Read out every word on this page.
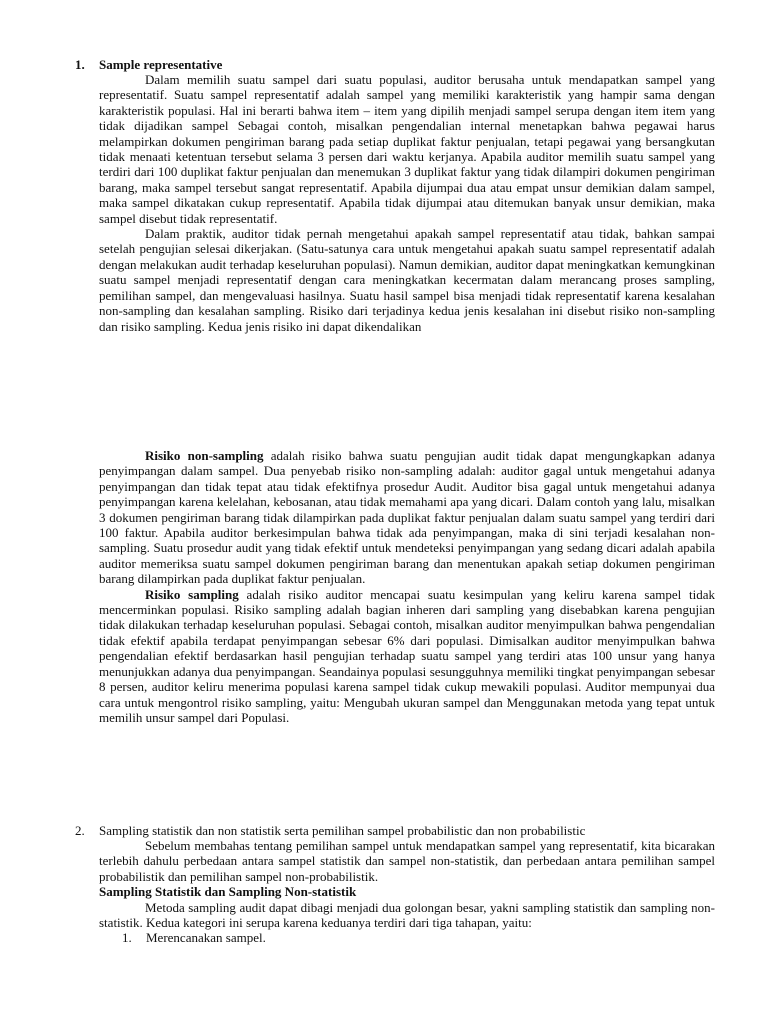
1. Sample representative

Dalam memilih suatu sampel dari suatu populasi, auditor berusaha untuk mendapatkan sampel yang representatif. Suatu sampel representatif adalah sampel yang memiliki karakteristik yang hampir sama dengan karakteristik populasi. Hal ini berarti bahwa item – item yang dipilih menjadi sampel serupa dengan item item yang tidak dijadikan sampel Sebagai contoh, misalkan pengendalian internal menetapkan bahwa pegawai harus melampirkan dokumen pengiriman barang pada setiap duplikat faktur penjualan, tetapi pegawai yang bersangkutan tidak menaati ketentuan tersebut selama 3 persen dari waktu kerjanya. Apabila auditor memilih suatu sampel yang terdiri dari 100 duplikat faktur penjualan dan menemukan 3 duplikat faktur yang tidak dilampiri dokumen pengiriman barang, maka sampel tersebut sangat representatif. Apabila dijumpai dua atau empat unsur demikian dalam sampel, maka sampel dikatakan cukup representatif. Apabila tidak dijumpai atau ditemukan banyak unsur demikian, maka sampel disebut tidak representatif.

Dalam praktik, auditor tidak pernah mengetahui apakah sampel representatif atau tidak, bahkan sampai setelah pengujian selesai dikerjakan. (Satu-satunya cara untuk mengetahui apakah suatu sampel representatif adalah dengan melakukan audit terhadap keseluruhan populasi). Namun demikian, auditor dapat meningkatkan kemungkinan suatu sampel menjadi representatif dengan cara meningkatkan kecermatan dalam merancang proses sampling, pemilihan sampel, dan mengevaluasi hasilnya. Suatu hasil sampel bisa menjadi tidak representatif karena kesalahan non-sampling dan kesalahan sampling. Risiko dari terjadinya kedua jenis kesalahan ini disebut risiko non-sampling dan risiko sampling. Kedua jenis risiko ini dapat dikendalikan

Risiko non-sampling adalah risiko bahwa suatu pengujian audit tidak dapat mengungkapkan adanya penyimpangan dalam sampel. Dua penyebab risiko non-sampling adalah: auditor gagal untuk mengetahui adanya penyimpangan dan tidak tepat atau tidak efektifnya prosedur Audit. Auditor bisa gagal untuk mengetahui adanya penyimpangan karena kelelahan, kebosanan, atau tidak memahami apa yang dicari. Dalam contoh yang lalu, misalkan 3 dokumen pengiriman barang tidak dilampirkan pada duplikat faktur penjualan dalam suatu sampel yang terdiri dari 100 faktur. Apabila auditor berkesimpulan bahwa tidak ada penyimpangan, maka di sini terjadi kesalahan non-sampling. Suatu prosedur audit yang tidak efektif untuk mendeteksi penyimpangan yang sedang dicari adalah apabila auditor memeriksa suatu sampel dokumen pengiriman barang dan menentukan apakah setiap dokumen pengiriman barang dilampirkan pada duplikat faktur penjualan.

Risiko sampling adalah risiko auditor mencapai suatu kesimpulan yang keliru karena sampel tidak mencerminkan populasi. Risiko sampling adalah bagian inheren dari sampling yang disebabkan karena pengujian tidak dilakukan terhadap keseluruhan populasi. Sebagai contoh, misalkan auditor menyimpulkan bahwa pengendalian tidak efektif apabila terdapat penyimpangan sebesar 6% dari populasi. Dimisalkan auditor menyimpulkan bahwa pengendalian efektif berdasarkan hasil pengujian terhadap suatu sampel yang terdiri atas 100 unsur yang hanya menunjukkan adanya dua penyimpangan. Seandainya populasi sesungguhnya memiliki tingkat penyimpangan sebesar 8 persen, auditor keliru menerima populasi karena sampel tidak cukup mewakili populasi. Auditor mempunyai dua cara untuk mengontrol risiko sampling, yaitu: Mengubah ukuran sampel dan Menggunakan metoda yang tepat untuk memilih unsur sampel dari Populasi.

2. Sampling statistik dan non statistik serta pemilihan sampel probabilistic dan non probabilistic

Sebelum membahas tentang pemilihan sampel untuk mendapatkan sampel yang representatif, kita bicarakan terlebih dahulu perbedaan antara sampel statistik dan sampel non-statistik, dan perbedaan antara pemilihan sampel probabilistik dan pemilihan sampel non-probabilistik.

Sampling Statistik dan Sampling Non-statistik

Metoda sampling audit dapat dibagi menjadi dua golongan besar, yakni sampling statistik dan sampling non-statistik. Kedua kategori ini serupa karena keduanya terdiri dari tiga tahapan, yaitu:

1. Merencanakan sampel.
